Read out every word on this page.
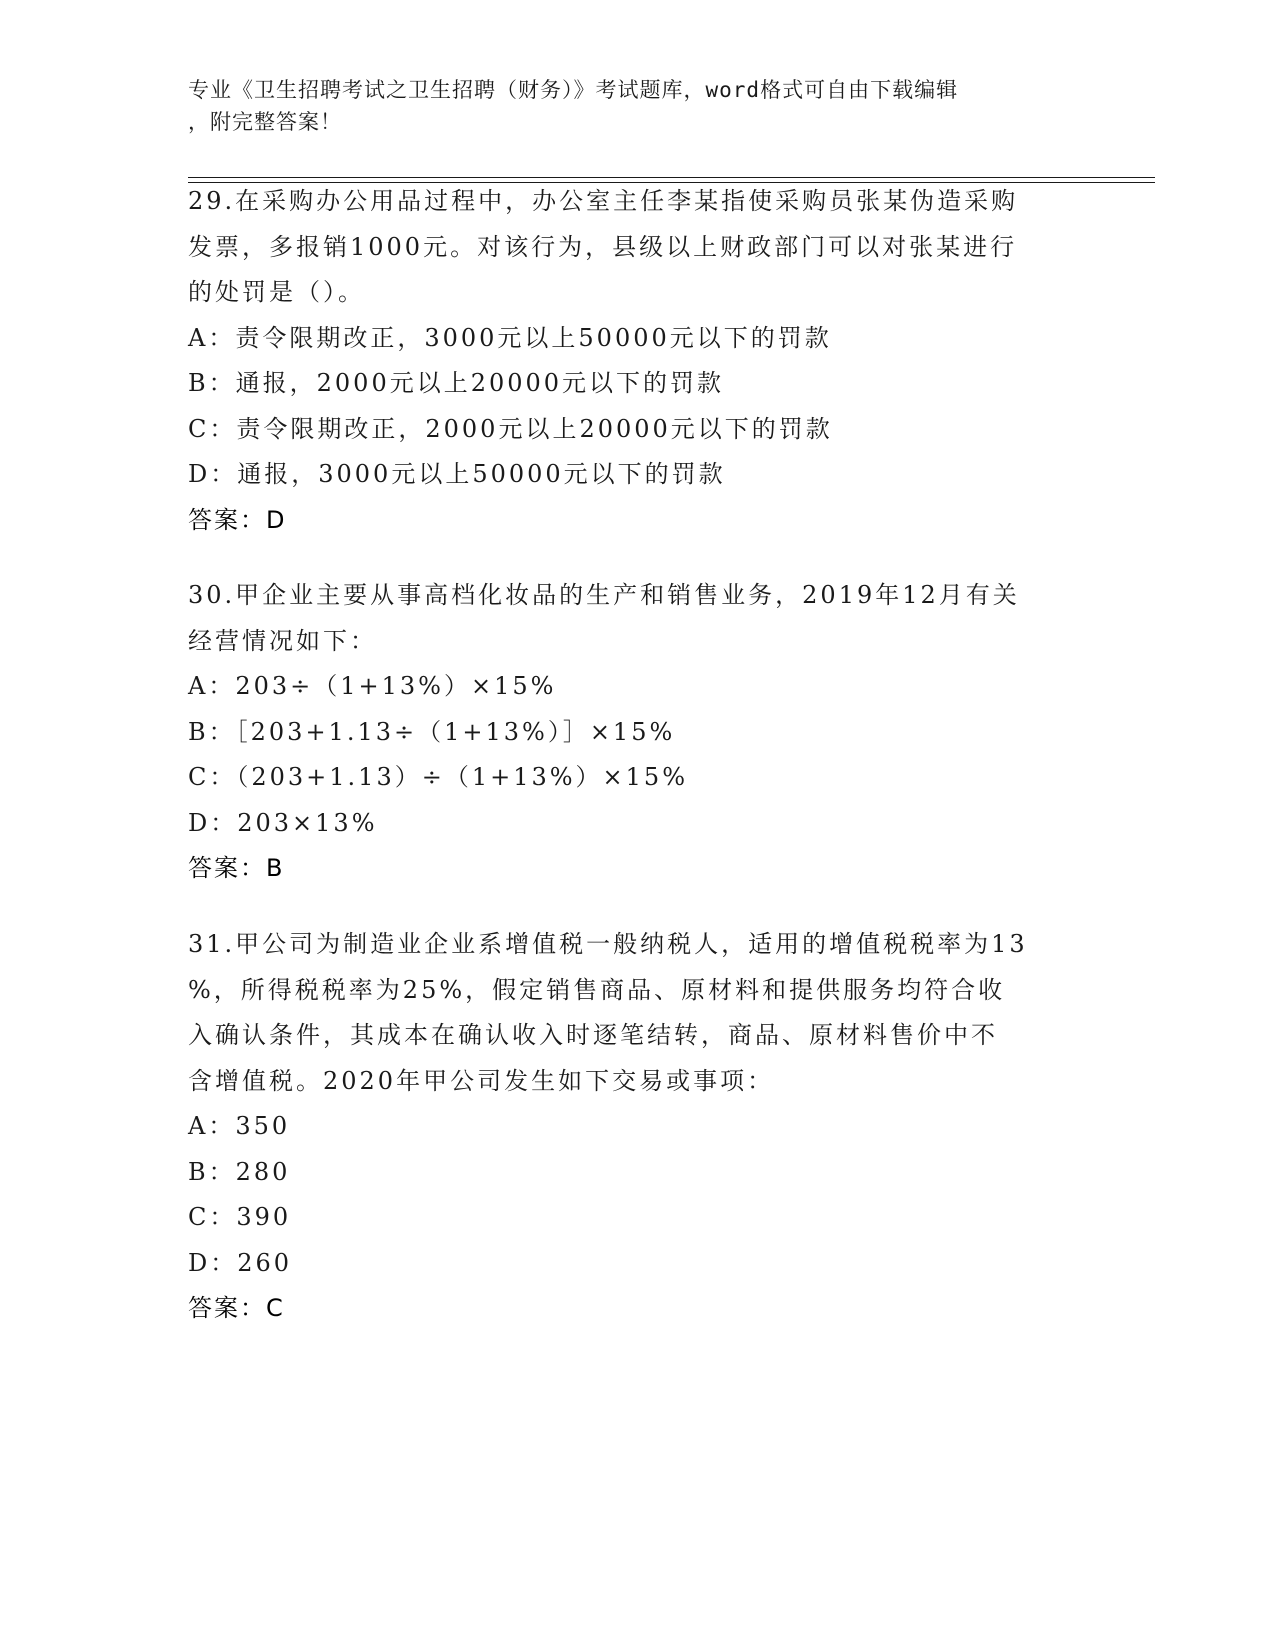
专业《卫生招聘考试之卫生招聘（财务）》考试题库，word格式可自由下载编辑
，附完整答案！
29.在采购办公用品过程中，办公室主任李某指使采购员张某伪造采购
发票，多报销1000元。对该行为，县级以上财政部门可以对张某进行
的处罚是（）。

A：责令限期改正，3000元以上50000元以下的罚款

B：通报，2000元以上20000元以下的罚款

C：责令限期改正，2000元以上20000元以下的罚款

D：通报，3000元以上50000元以下的罚款

答案：D

30.甲企业主要从事高档化妆品的生产和销售业务，2019年12月有关
经营情况如下：

A：203÷（1+13%）×15%

B：［203+1.13÷（1+13%）］×15%

C：（203+1.13）÷（1+13%）×15%

D：203×13%

答案：B

31.甲公司为制造业企业系增值税一般纳税人，适用的增值税税率为13
%，所得税税率为25%，假定销售商品、原材料和提供服务均符合收
入确认条件，其成本在确认收入时逐笔结转，商品、原材料售价中不
含增值税。2020年甲公司发生如下交易或事项：

A：350

B：280

C：390

D：260

答案：C
